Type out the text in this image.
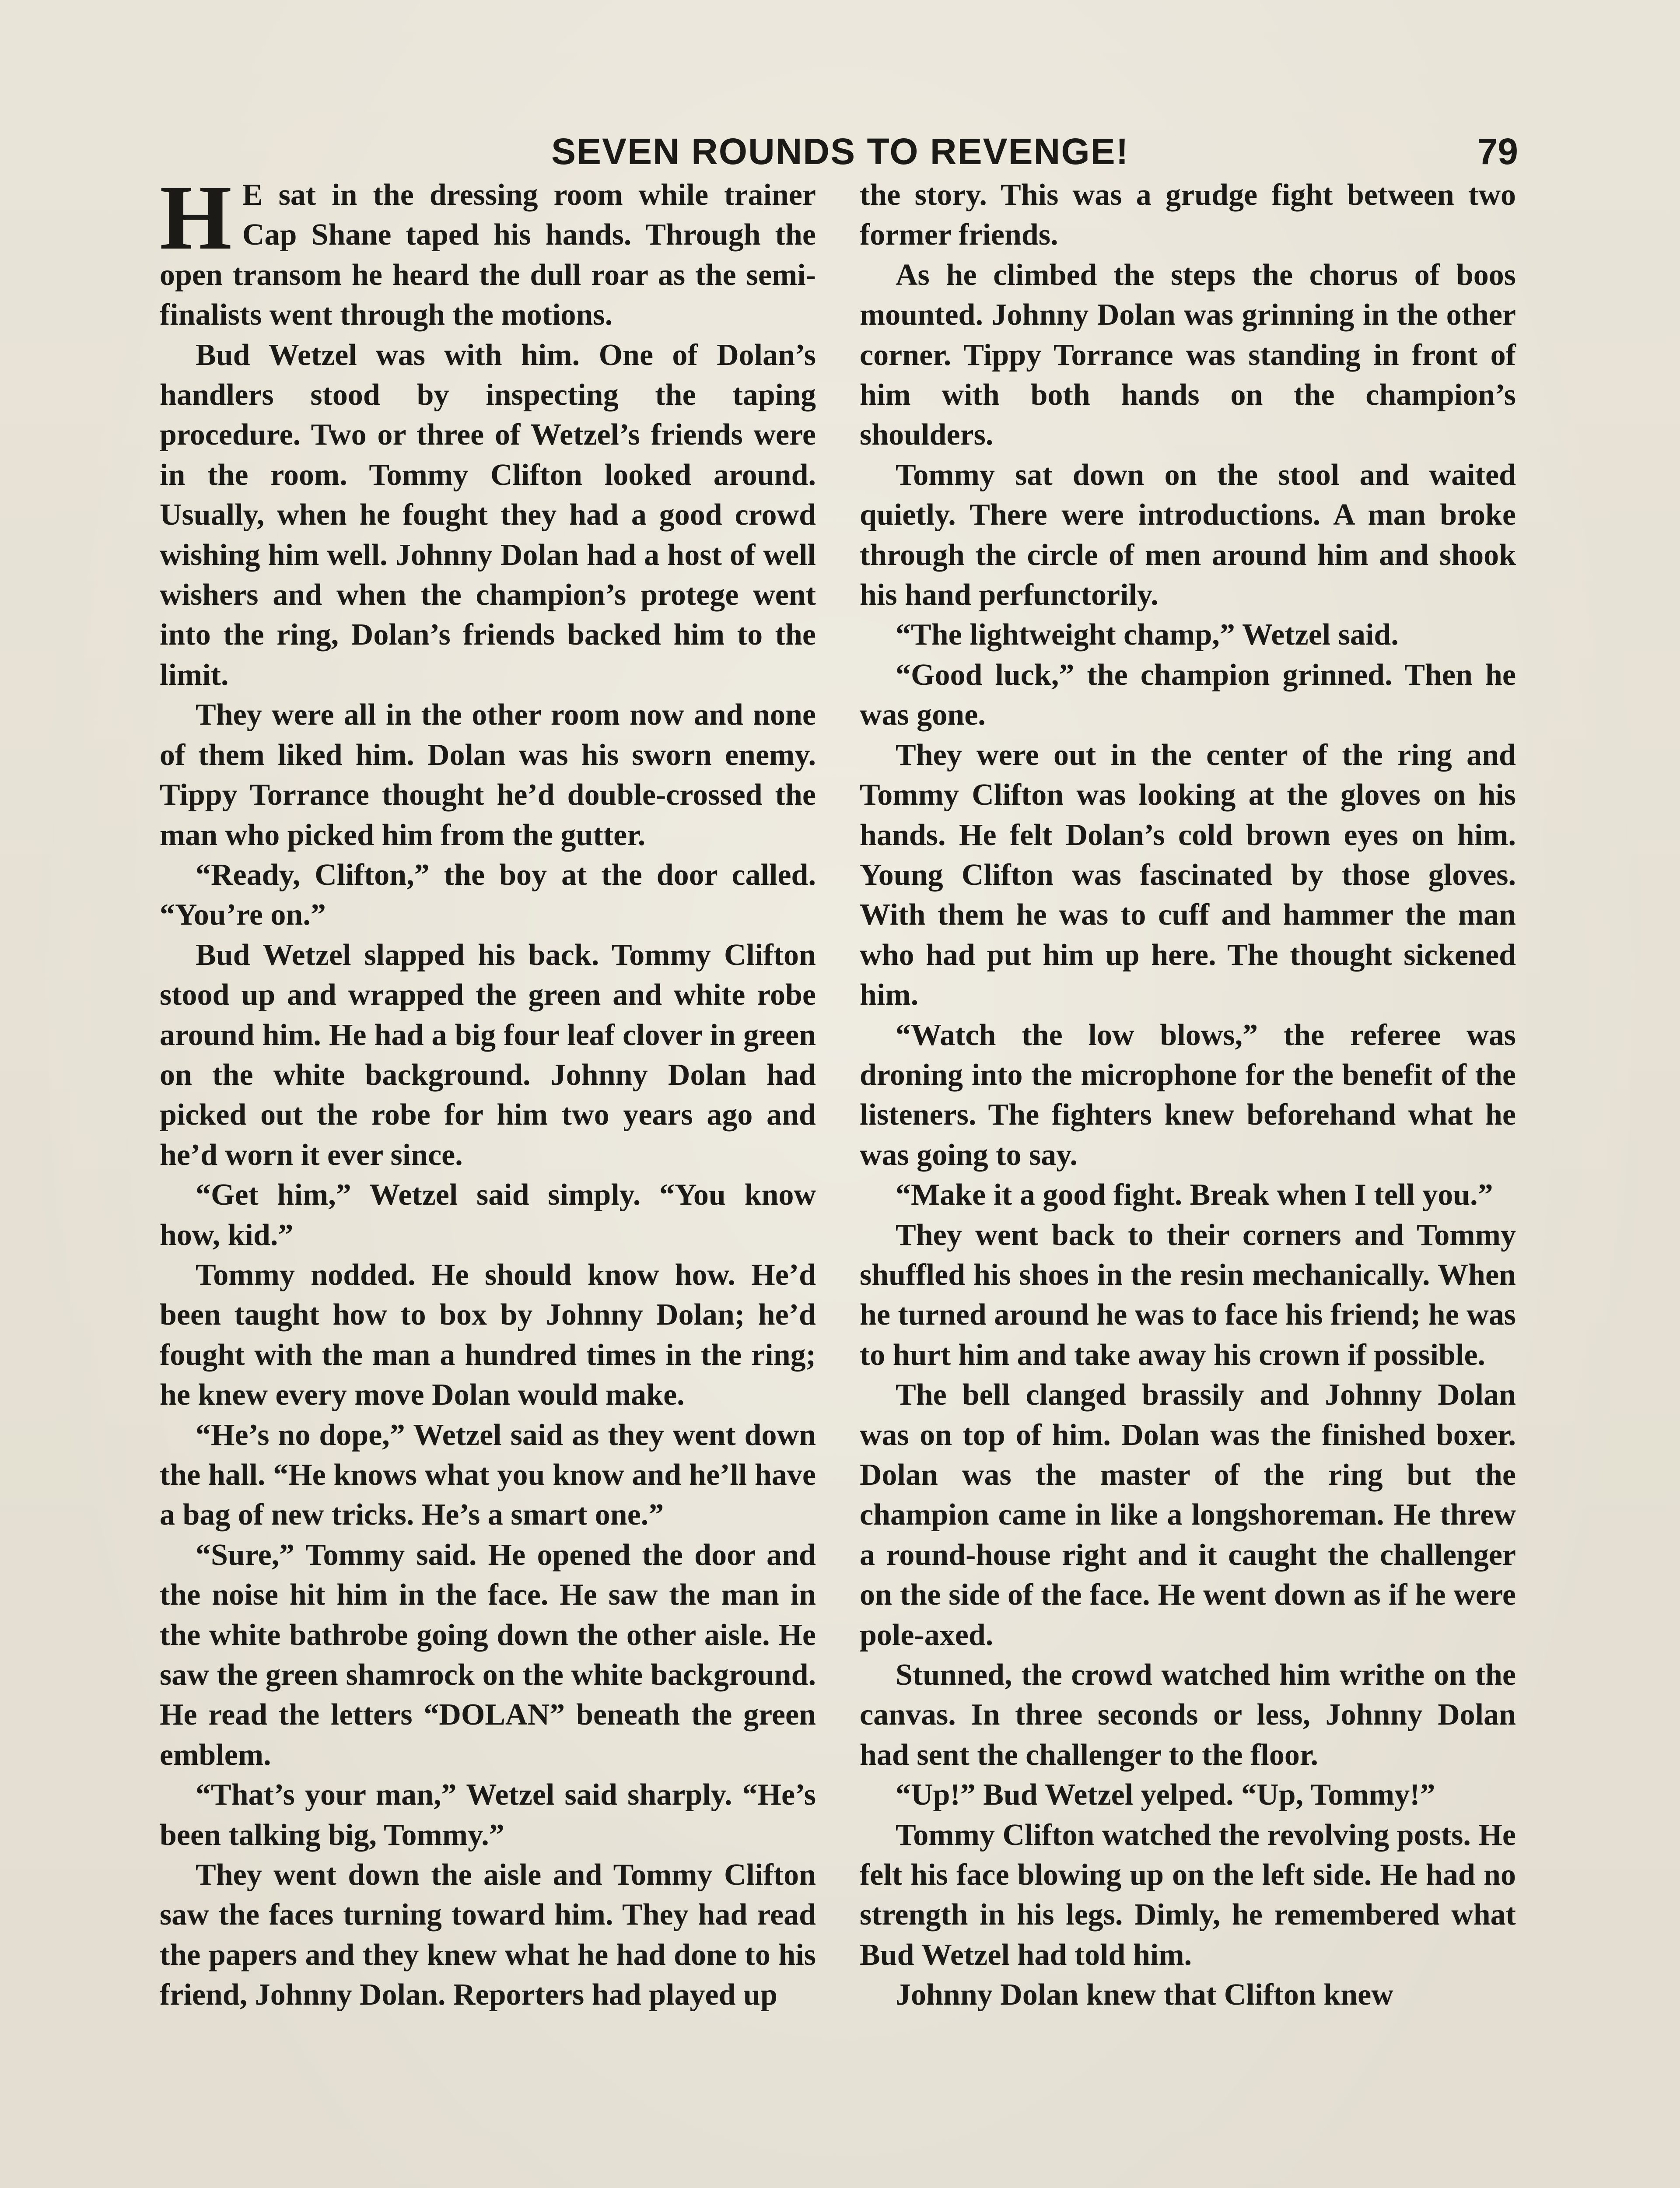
SEVEN ROUNDS TO REVENGE!	79

H E sat in the dressing room while trainer Cap Shane taped his hands. Through the open transom he heard the dull roar as the semi-finalists went through the motions.

Bud Wetzel was with him. One of Dolan’s handlers stood by inspecting the taping procedure. Two or three of Wetzel’s friends were in the room. Tommy Clifton looked around. Usually, when he fought they had a good crowd wishing him well. Johnny Dolan had a host of well wishers and when the champion’s protege went into the ring, Dolan’s friends backed him to the limit.

They were all in the other room now and none of them liked him. Dolan was his sworn enemy. Tippy Torrance thought he’d double-crossed the man who picked him from the gutter.

“Ready, Clifton,” the boy at the door called. “You’re on.”

Bud Wetzel slapped his back. Tommy Clifton stood up and wrapped the green and white robe around him. He had a big four leaf clover in green on the white background. Johnny Dolan had picked out the robe for him two years ago and he’d worn it ever since.

“Get him,” Wetzel said simply. “You know how, kid.”

Tommy nodded. He should know how. He’d been taught how to box by Johnny Dolan; he’d fought with the man a hundred times in the ring; he knew every move Dolan would make.

“He’s no dope,” Wetzel said as they went down the hall. “He knows what you know and he’ll have a bag of new tricks. He’s a smart one.”

“Sure,” Tommy said. He opened the door and the noise hit him in the face. He saw the man in the white bathrobe going down the other aisle. He saw the green shamrock on the white background. He read the letters “DOLAN” beneath the green emblem.

“That’s your man,” Wetzel said sharply. “He’s been talking big, Tommy.”

They went down the aisle and Tommy Clifton saw the faces turning toward him. They had read the papers and they knew what he had done to his friend, Johnny Dolan. Reporters had played up

the story. This was a grudge fight between two former friends.

As he climbed the steps the chorus of boos mounted. Johnny Dolan was grinning in the other corner. Tippy Torrance was standing in front of him with both hands on the champion’s shoulders.

Tommy sat down on the stool and waited quietly. There were introductions. A man broke through the circle of men around him and shook his hand perfunctorily.

“The lightweight champ,” Wetzel said.

“Good luck,” the champion grinned. Then he was gone.

They were out in the center of the ring and Tommy Clifton was looking at the gloves on his hands. He felt Dolan’s cold brown eyes on him. Young Clifton was fascinated by those gloves. With them he was to cuff and hammer the man who had put him up here. The thought sickened him.

“Watch the low blows,” the referee was droning into the microphone for the benefit of the listeners. The fighters knew beforehand what he was going to say.

“Make it a good fight. Break when I tell you.”

They went back to their corners and Tommy shuffled his shoes in the resin mechanically. When he turned around he was to face his friend; he was to hurt him and take away his crown if possible.

The bell clanged brassily and Johnny Dolan was on top of him. Dolan was the finished boxer. Dolan was the master of the ring but the champion came in like a longshoreman. He threw a round-house right and it caught the challenger on the side of the face. He went down as if he were pole-axed.

Stunned, the crowd watched him writhe on the canvas. In three seconds or less, Johnny Dolan had sent the challenger to the floor.

“Up!” Bud Wetzel yelped. “Up, Tommy!”

Tommy Clifton watched the revolving posts. He felt his face blowing up on the left side. He had no strength in his legs. Dimly, he remembered what Bud Wetzel had told him.

Johnny Dolan knew that Clifton knew
